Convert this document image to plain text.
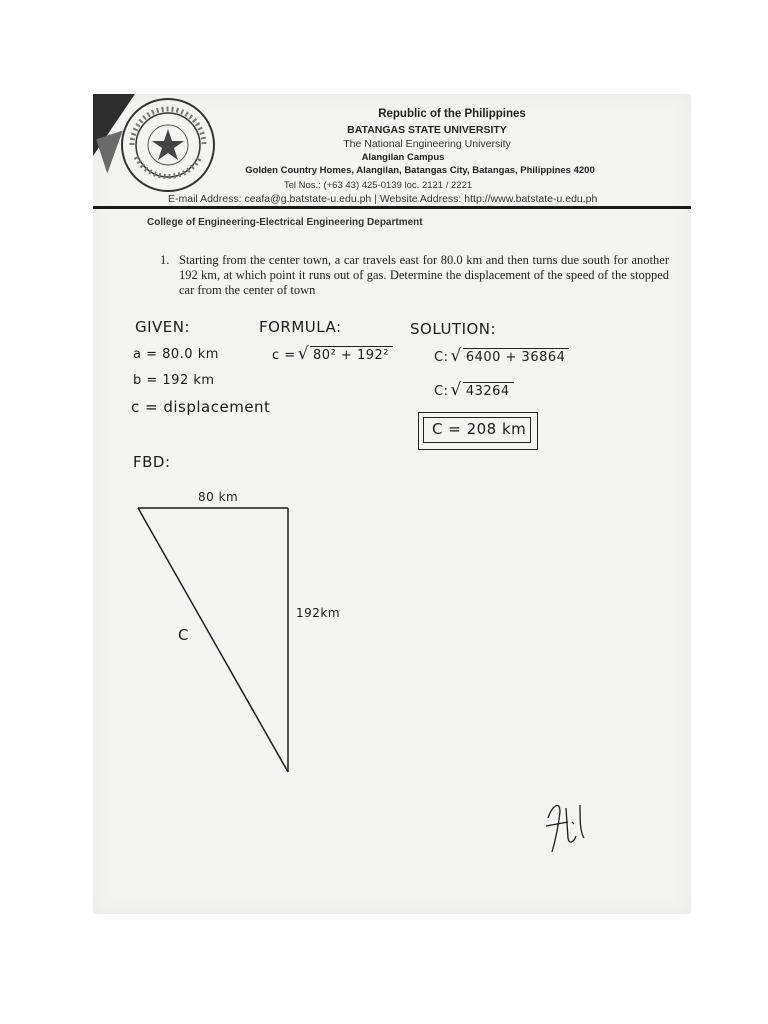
Republic of the Philippines
BATANGAS STATE UNIVERSITY
The National Engineering University
Alangilan Campus
Golden Country Homes, Alangilan, Batangas City, Batangas, Philippines 4200
Tel Nos.: (+63 43) 425-0139 loc. 2121 / 2221
E-mail Address: ceafa@g.batstate-u.edu.ph | Website Address: http://www.batstate-u.edu.ph
College of Engineering-Electrical Engineering Department
1. Starting from the center town, a car travels east for 80.0 km and then turns due south for another 192 km, at which point it runs out of gas. Determine the displacement of the speed of the stopped car from the center of town
GIVEN:
a = 80.0 km
b = 192 km
c = displacement
FORMULA:
c = √ 80² + 192²
SOLUTION:
C: √ 6400 + 36864
C: √ 43264
C = 208 km
FBD:
80 km
192km
C
